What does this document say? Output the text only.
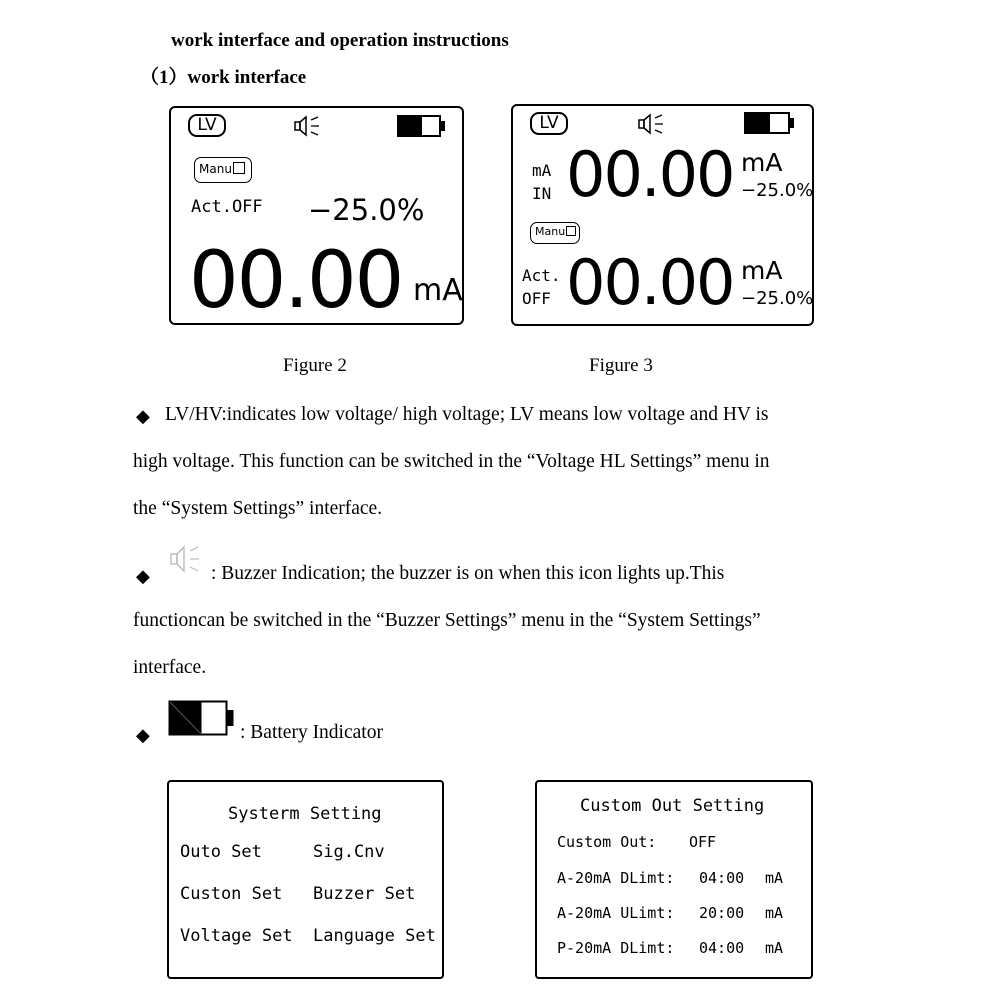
work interface and operation instructions
（1）work interface
LV
Manu
Act.OFF −25.0%
00.00 mA
Figure 2
LV
mA
IN 00.00 mA
−25.0%
Manu
Act.
OFF 00.00 mA
−25.0%
Figure 3
◆ LV/HV:indicates low voltage/ high voltage; LV means low voltage and HV is
high voltage. This function can be switched in the “Voltage HL Settings” menu in
the “System Settings” interface.
◆	: Buzzer Indication; the buzzer is on when this icon lights up.This
functioncan be switched in the “Buzzer Settings” menu in the “System Settings”
interface.
◆	: Battery Indicator
Systerm Setting
Outo Set	Sig.Cnv
Custon Set Buzzer Set
Voltage Set Language Set
Custom Out Setting
Custom Out: OFF
A-20mA DLimt: 04:00 mA
A-20mA ULimt: 20:00 mA
P-20mA DLimt: 04:00 mA
